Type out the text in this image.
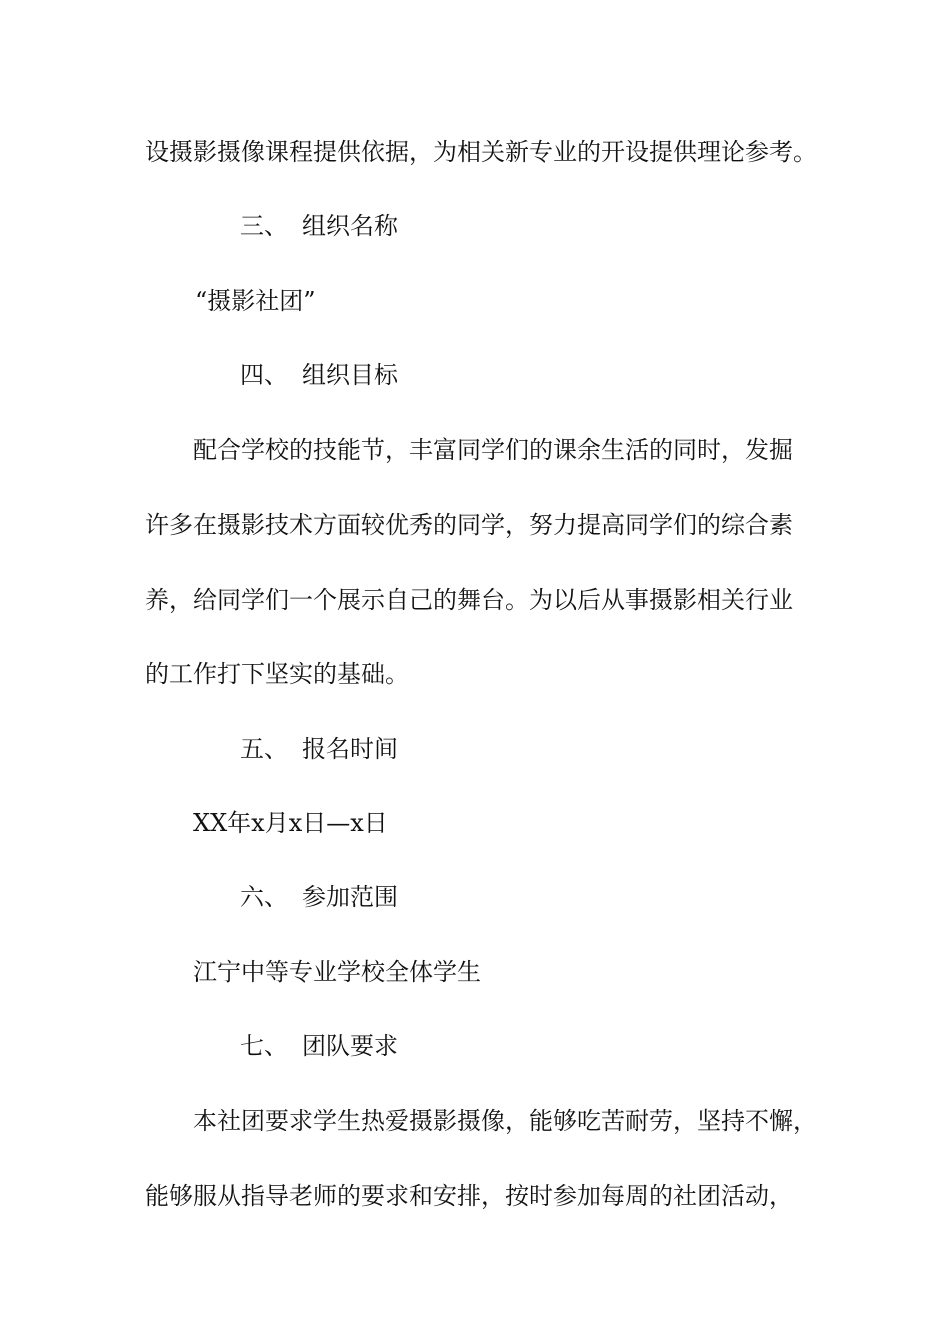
设摄影摄像课程提供依据，为相关新专业的开设提供理论参考。
三、 组织名称
“摄影社团”
四、 组织目标
配合学校的技能节，丰富同学们的课余生活的同时，发掘
许多在摄影技术方面较优秀的同学，努力提高同学们的综合素
养，给同学们一个展示自己的舞台。为以后从事摄影相关行业
的工作打下坚实的基础。
五、 报名时间
XX年x月x日—x日
六、 参加范围
江宁中等专业学校全体学生
七、 团队要求
本社团要求学生热爱摄影摄像，能够吃苦耐劳，坚持不懈，
能够服从指导老师的要求和安排，按时参加每周的社团活动，
